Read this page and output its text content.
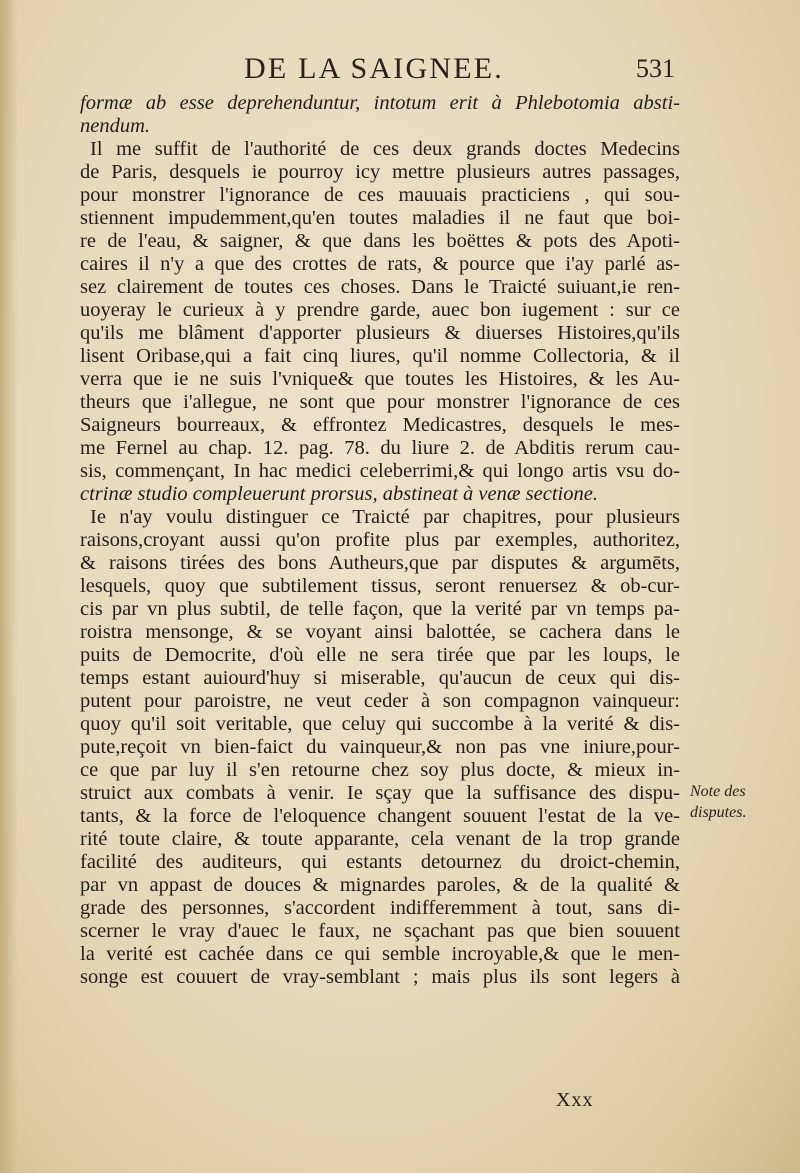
DE LA SAIGNEE.	531
formæ ab esse deprehenduntur, intotum erit à Phlebotomia absti-
nendum.
Il me suffit de l'authorité de ces deux grands doctes Medecins
de Paris, desquels ie pourroy icy mettre plusieurs autres passages,
pour monstrer l'ignorance de ces mauuais practiciens , qui sou-
stiennent impudemment,qu'en toutes maladies il ne faut que boi-
re de l'eau, & saigner, & que dans les boëttes & pots des Apoti-
caires il n'y a que des crottes de rats, & pource que i'ay parlé as-
sez clairement de toutes ces choses. Dans le Traicté suiuant,ie ren-
uoyeray le curieux à y prendre garde, auec bon iugement : sur ce
qu'ils me blâment d'apporter plusieurs & diuerses Histoires,qu'ils
lisent Oribase,qui a fait cinq liures, qu'il nomme Collectoria, & il
verra que ie ne suis l'vnique& que toutes les Histoires, & les Au-
theurs que i'allegue, ne sont que pour monstrer l'ignorance de ces
Saigneurs bourreaux, & effrontez Medicastres, desquels le mes-
me Fernel au chap. 12. pag. 78. du liure 2. de Abditis rerum cau-
sis, commençant, In hac medici celeberrimi,& qui longo artis vsu do-
ctrinæ studio compleuerunt prorsus, abstineat à venæ sectione.
Ie n'ay voulu distinguer ce Traicté par chapitres, pour plusieurs
raisons,croyant aussi qu'on profite plus par exemples, authoritez,
& raisons tirées des bons Autheurs,que par disputes & argumēts,
lesquels, quoy que subtilement tissus, seront renuersez & ob-cur-
cis par vn plus subtil, de telle façon, que la verité par vn temps pa-
roistra mensonge, & se voyant ainsi balottée, se cachera dans le
puits de Democrite, d'où elle ne sera tirée que par les loups, le
temps estant auiourd'huy si miserable, qu'aucun de ceux qui dis-
putent pour paroistre, ne veut ceder à son compagnon vainqueur:
quoy qu'il soit veritable, que celuy qui succombe à la verité & dis-
pute,reçoit vn bien-faict du vainqueur,& non pas vne iniure,pour-
ce que par luy il s'en retourne chez soy plus docte, & mieux in-
struict aux combats à venir. Ie sçay que la suffisance des dispu-
tants, & la force de l'eloquence changent souuent l'estat de la ve-
rité toute claire, & toute apparante, cela venant de la trop grande
facilité des auditeurs, qui estants detournez du droict-chemin,
par vn appast de douces & mignardes paroles, & de la qualité &
grade des personnes, s'accordent indifferemment à tout, sans di-
scerner le vray d'auec le faux, ne sçachant pas que bien souuent
la verité est cachée dans ce qui semble incroyable,& que le men-
songe est couuert de vray-semblant ; mais plus ils sont legers à
Note des
disputes.
Xxx
